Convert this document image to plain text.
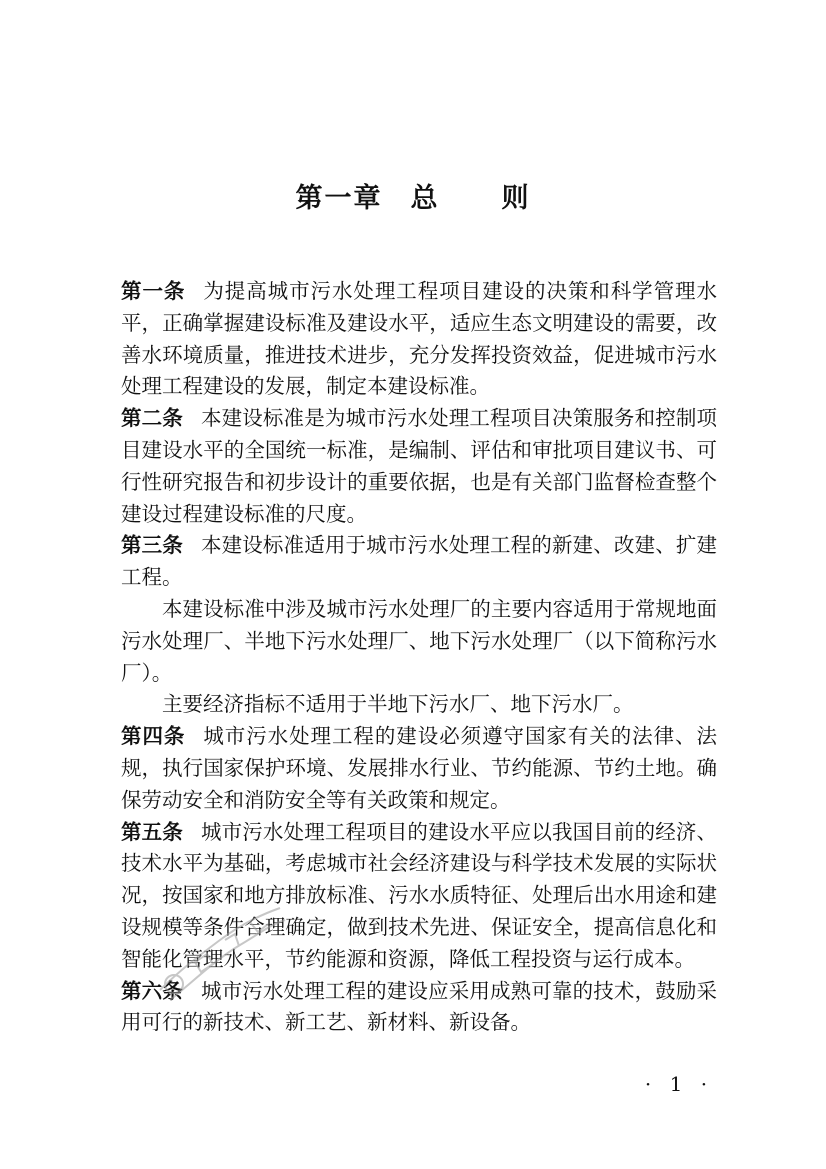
第一章 总 则

第一条 为提高城市污水处理工程项目建设的决策和科学管理水平，正确掌握建设标准及建设水平，适应生态文明建设的需要，改善水环境质量，推进技术进步，充分发挥投资效益，促进城市污水处理工程建设的发展，制定本建设标准。

第二条 本建设标准是为城市污水处理工程项目决策服务和控制项目建设水平的全国统一标准，是编制、评估和审批项目建议书、可行性研究报告和初步设计的重要依据，也是有关部门监督检查整个建设过程建设标准的尺度。

第三条 本建设标准适用于城市污水处理工程的新建、改建、扩建工程。

本建设标准中涉及城市污水处理厂的主要内容适用于常规地面污水处理厂、半地下污水处理厂、地下污水处理厂（以下简称污水厂）。

主要经济指标不适用于半地下污水厂、地下污水厂。

第四条 城市污水处理工程的建设必须遵守国家有关的法律、法规，执行国家保护环境、发展排水行业、节约能源、节约土地。确保劳动安全和消防安全等有关政策和规定。

第五条 城市污水处理工程项目的建设水平应以我国目前的经济、技术水平为基础，考虑城市社会经济建设与科学技术发展的实际状况，按国家和地方排放标准、污水水质特征、处理后出水用途和建设规模等条件合理确定，做到技术先进、保证安全，提高信息化和智能化管理水平，节约能源和资源，降低工程投资与运行成本。

第六条 城市污水处理工程的建设应采用成熟可靠的技术，鼓励采用可行的新技术、新工艺、新材料、新设备。

· 1 ·
